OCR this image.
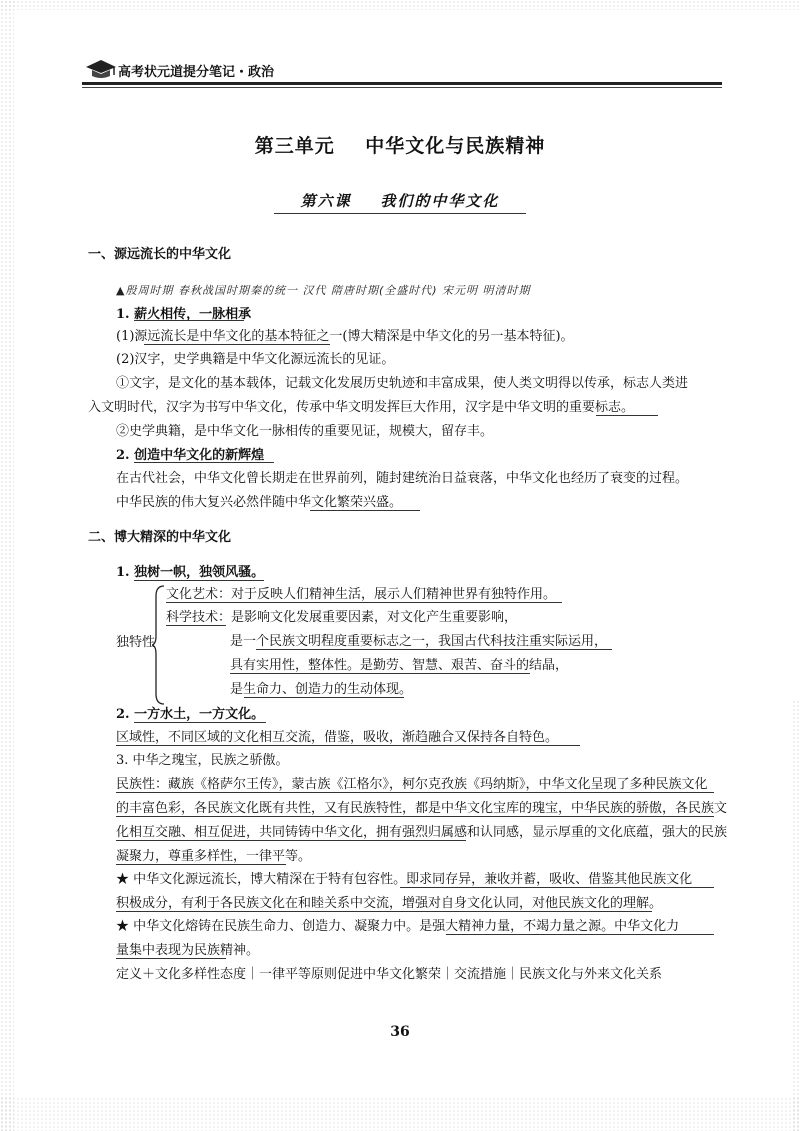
高考状元道提分笔记・政治
第三单元    中华文化与民族精神
第六课    我们的中华文化
一、源远流长的中华文化
▲殷周时期 春秋战国时期秦的统一 汉代 隋唐时期(全盛时代) 宋元明 明清时期
1. 薪火相传，一脉相承
(1)源远流长是中华文化的基本特征之一(博大精深是中华文化的另一基本特征)。
(2)汉字，史学典籍是中华文化源远流长的见证。
①文字，是文化的基本载体，记载文化发展历史轨迹和丰富成果，使人类文明得以传承，标志人类进
入文明时代，汉字为书写中华文化，传承中华文明发挥巨大作用，汉字是中华文明的重要标志。
②史学典籍，是中华文化一脉相传的重要见证，规模大，留存丰。
2. 创造中华文化的新辉煌
在古代社会，中华文化曾长期走在世界前列，随封建统治日益衰落，中华文化也经历了衰变的过程。
中华民族的伟大复兴必然伴随中华文化繁荣兴盛。
二、博大精深的中华文化
1. 独树一帜，独领风骚。
独特性
文化艺术：对于反映人们精神生活，展示人们精神世界有独特作用。
科学技术：是影响文化发展重要因素，对文化产生重要影响，
是一个民族文明程度重要标志之一，我国古代科技注重实际运用，
具有实用性，整体性。是勤劳、智慧、艰苦、奋斗的结晶，
是生命力、创造力的生动体现。
2. 一方水土，一方文化。
区域性，不同区域的文化相互交流，借鉴，吸收，渐趋融合又保持各自特色。
3. 中华之瑰宝，民族之骄傲。
民族性：藏族《格萨尔王传》，蒙古族《江格尔》，柯尔克孜族《玛纳斯》，中华文化呈现了多种民族文化
的丰富色彩，各民族文化既有共性，又有民族特性，都是中华文化宝库的瑰宝，中华民族的骄傲，各民族文
化相互交融、相互促进，共同铸铸中华文化，拥有强烈归属感和认同感，显示厚重的文化底蕴，强大的民族
凝聚力，尊重多样性，一律平等。
★ 中华文化源远流长，博大精深在于特有包容性。即求同存异，兼收并蓄，吸收、借鉴其他民族文化
积极成分，有利于各民族文化在和睦关系中交流，增强对自身文化认同，对他民族文化的理解。
★ 中华文化熔铸在民族生命力、创造力、凝聚力中。是强大精神力量，不竭力量之源。中华文化力
量集中表现为民族精神。
定义＋文化多样性态度｜一律平等原则促进中华文化繁荣｜交流措施｜民族文化与外来文化关系
36
